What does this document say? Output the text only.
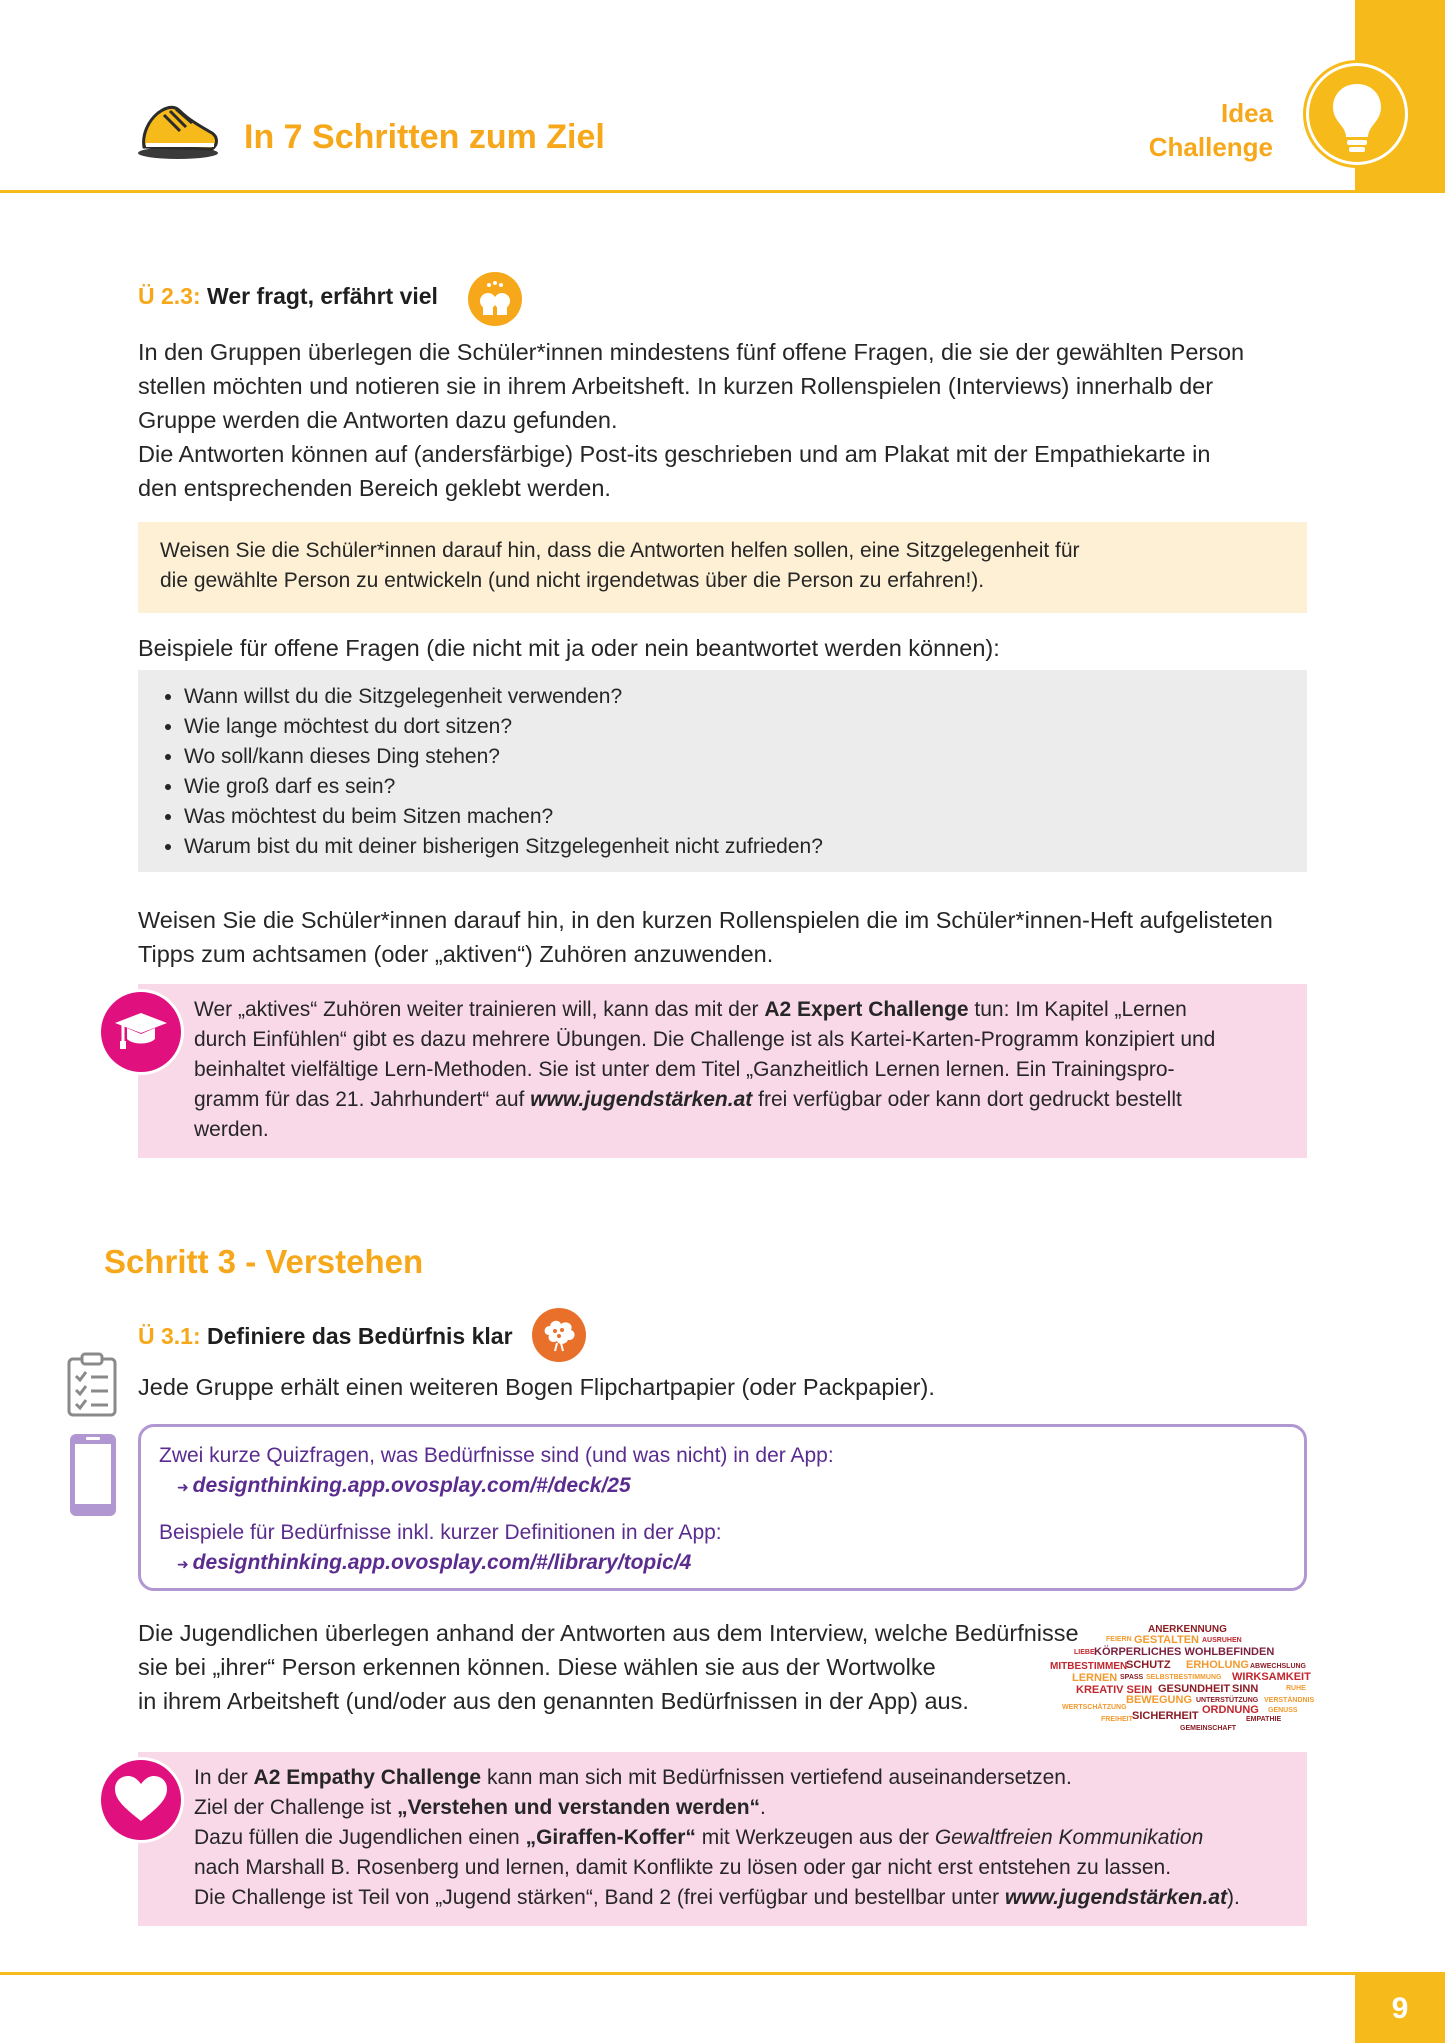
In 7 Schritten zum Ziel
Idea
Challenge
Ü 2.3: Wer fragt, erfährt viel
In den Gruppen überlegen die Schüler*innen mindestens fünf offene Fragen, die sie der gewählten Person
stellen möchten und notieren sie in ihrem Arbeitsheft. In kurzen Rollenspielen (Interviews) innerhalb der
Gruppe werden die Antworten dazu gefunden.
Die Antworten können auf (andersfärbige) Post-its geschrieben und am Plakat mit der Empathiekarte in
den entsprechenden Bereich geklebt werden.
Weisen Sie die Schüler*innen darauf hin, dass die Antworten helfen sollen, eine Sitzgelegenheit für
die gewählte Person zu entwickeln (und nicht irgendetwas über die Person zu erfahren!).
Beispiele für offene Fragen (die nicht mit ja oder nein beantwortet werden können):
• Wann willst du die Sitzgelegenheit verwenden?
• Wie lange möchtest du dort sitzen?
• Wo soll/kann dieses Ding stehen?
• Wie groß darf es sein?
• Was möchtest du beim Sitzen machen?
• Warum bist du mit deiner bisherigen Sitzgelegenheit nicht zufrieden?
Weisen Sie die Schüler*innen darauf hin, in den kurzen Rollenspielen die im Schüler*innen-Heft aufgelisteten
Tipps zum achtsamen (oder „aktiven“) Zuhören anzuwenden.
Wer „aktives“ Zuhören weiter trainieren will, kann das mit der A2 Expert Challenge tun: Im Kapitel „Lernen
durch Einfühlen“ gibt es dazu mehrere Übungen. Die Challenge ist als Kartei-Karten-Programm konzipiert und
beinhaltet vielfältige Lern-Methoden. Sie ist unter dem Titel „Ganzheitlich Lernen lernen. Ein Trainingspro-
gramm für das 21. Jahrhundert“ auf www.jugendstärken.at frei verfügbar oder kann dort gedruckt bestellt
werden.
Schritt 3 - Verstehen
Ü 3.1: Definiere das Bedürfnis klar
Jede Gruppe erhält einen weiteren Bogen Flipchartpapier (oder Packpapier).
Zwei kurze Quizfragen, was Bedürfnisse sind (und was nicht) in der App:
➜ designthinking.app.ovosplay.com/#/deck/25
Beispiele für Bedürfnisse inkl. kurzer Definitionen in der App:
➜ designthinking.app.ovosplay.com/#/library/topic/4
Die Jugendlichen überlegen anhand der Antworten aus dem Interview, welche Bedürfnisse
sie bei „ihrer“ Person erkennen können. Diese wählen sie aus der Wortwolke
in ihrem Arbeitsheft (und/oder aus den genannten Bedürfnissen in der App) aus.
ANERKENNUNG
FEIERN GESTALTEN AUSRUHEN
LIEBE KÖRPERLICHES WOHLBEFINDEN
MITBESTIMMEN
SCHUTZ ERHOLUNG ABWECHSLUNG
LERNEN SPASS SELBSTBESTIMMUNG WIRKSAMKEIT
KREATIV SEIN GESUNDHEIT SINN	RUHE
BEWEGUNG UNTERSTÜTZUNG VERSTÄNDNIS
WERTSCHÄTZUNG	ORDNUNG GENUSS
FREIHEIT SICHERHEIT	EMPATHIE
GEMEINSCHAFT
In der A2 Empathy Challenge kann man sich mit Bedürfnissen vertiefend auseinandersetzen.
Ziel der Challenge ist „Verstehen und verstanden werden“.
Dazu füllen die Jugendlichen einen „Giraffen-Koffer“ mit Werkzeugen aus der Gewaltfreien Kommunikation
nach Marshall B. Rosenberg und lernen, damit Konflikte zu lösen oder gar nicht erst entstehen zu lassen.
Die Challenge ist Teil von „Jugend stärken“, Band 2 (frei verfügbar und bestellbar unter www.jugendstärken.at).
9
